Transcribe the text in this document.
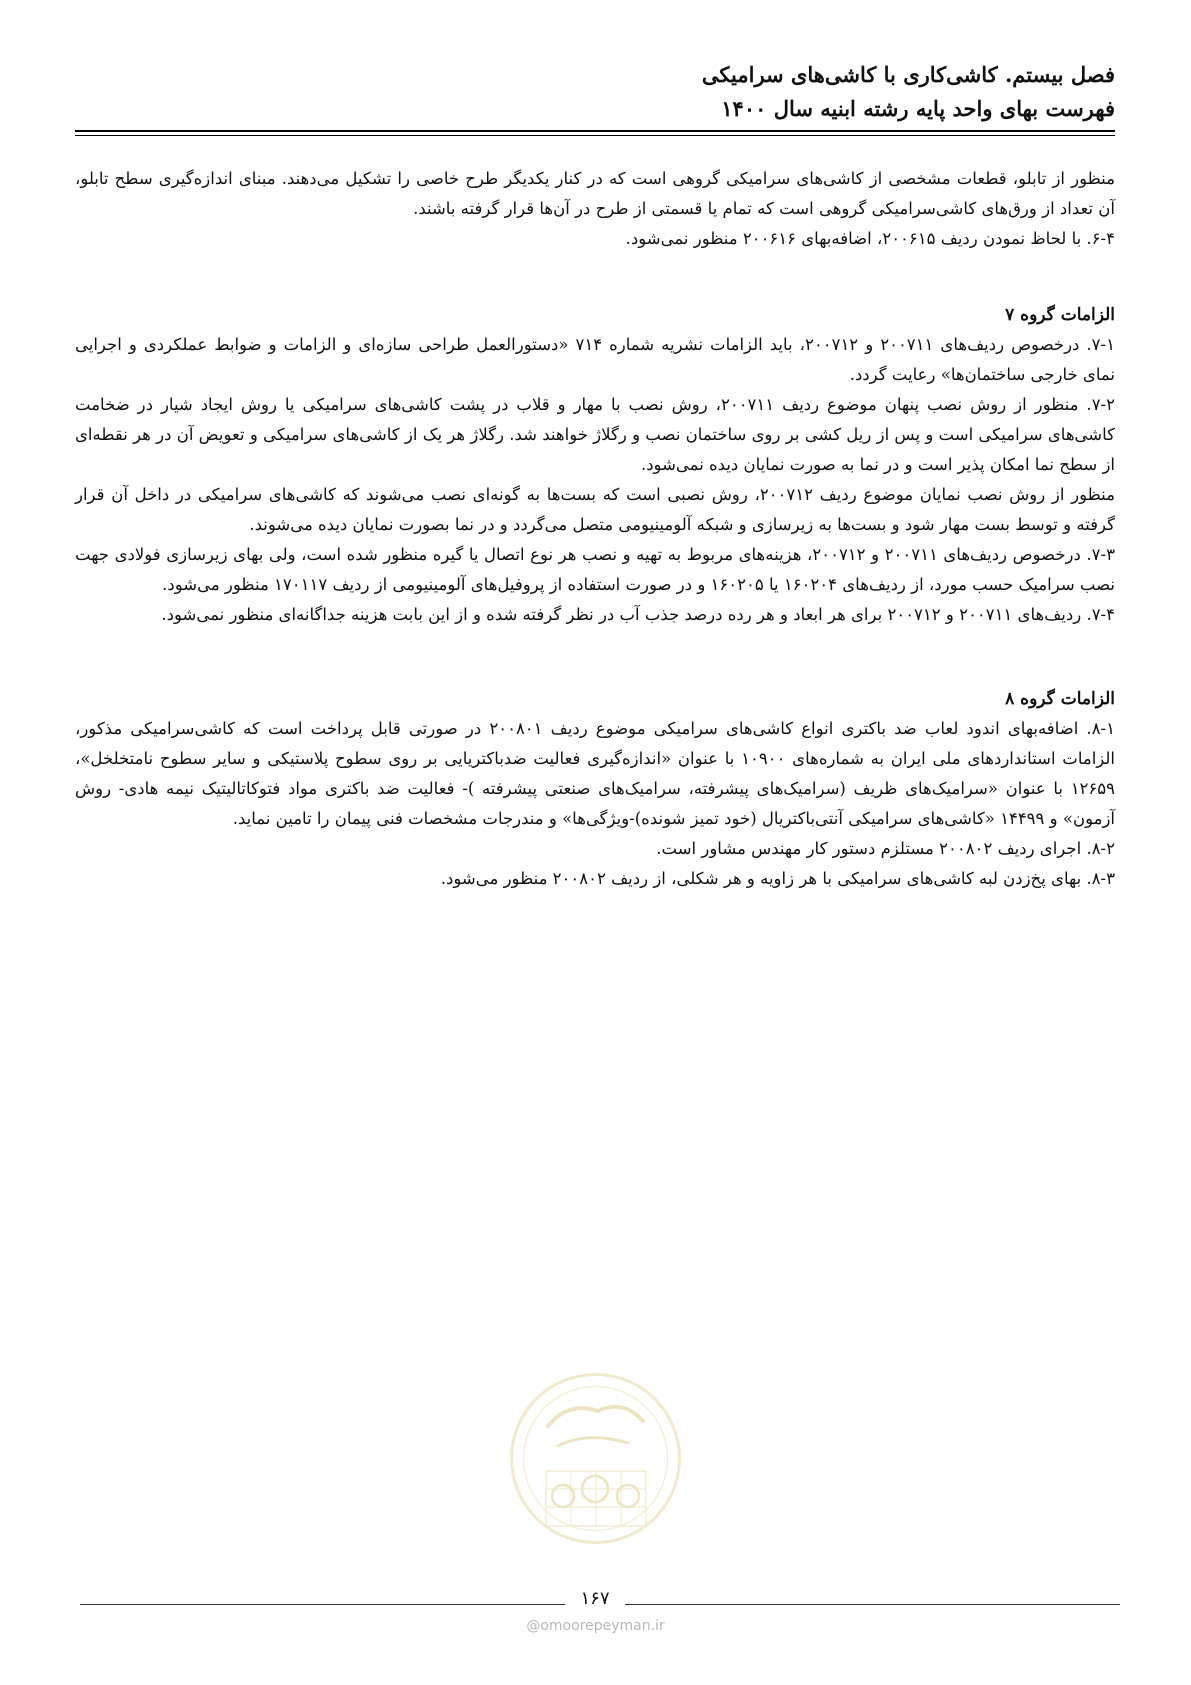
فصل بیستم. کاشی‌کاری با کاشی‌های سرامیکی
فهرست بهای واحد پایه رشته ابنیه سال ۱۴۰۰

منظور از تابلو، قطعات مشخصی از کاشی‌های سرامیکی گروهی است که در کنار یکدیگر طرح خاصی را تشکیل می‌دهند. مبنای اندازه‌گیری سطح تابلو، آن تعداد از ورق‌های کاشی‌سرامیکی گروهی است که تمام یا قسمتی از طرح در آن‌ها قرار گرفته باشند.

۶-۴. با لحاظ نمودن ردیف ۲۰۰۶۱۵، اضافه‌بهای ۲۰۰۶۱۶ منظور نمی‌شود.

الزامات گروه ۷

۷-۱. درخصوص ردیف‌های ۲۰۰۷۱۱ و ۲۰۰۷۱۲، باید الزامات نشریه شماره ۷۱۴ «دستورالعمل طراحی سازه‌ای و الزامات و ضوابط عملکردی و اجرایی نمای خارجی ساختمان‌ها» رعایت گردد.

۷-۲. منظور از روش نصب پنهان موضوع ردیف ۲۰۰۷۱۱، روش نصب با مهار و قلاب در پشت کاشی‌های سرامیکی یا روش ایجاد شیار در ضخامت کاشی‌های سرامیکی است و پس از ریل کشی بر روی ساختمان نصب و رگلاژ خواهند شد. رگلاژ هر یک از کاشی‌های سرامیکی و تعویض آن در هر نقطه‌ای از سطح نما امکان پذیر است و در نما به صورت نمایان دیده نمی‌شود.

منظور از روش نصب نمایان موضوع ردیف ۲۰۰۷۱۲، روش نصبی است که بست‌ها به گونه‌ای نصب می‌شوند که کاشی‌های سرامیکی در داخل آن قرار گرفته و توسط بست مهار شود و بست‌ها به زیرسازی و شبکه آلومینیومی متصل می‌گردد و در نما بصورت نمایان دیده می‌شوند.

۷-۳. درخصوص ردیف‌های ۲۰۰۷۱۱ و ۲۰۰۷۱۲، هزینه‌های مربوط به تهیه و نصب هر نوع اتصال یا گیره منظور شده است، ولی بهای زیرسازی فولادی جهت نصب سرامیک حسب مورد، از ردیف‌های ۱۶۰۲۰۴ یا ۱۶۰۲۰۵ و در صورت استفاده از پروفیل‌های آلومینیومی از ردیف ۱۷۰۱۱۷ منظور می‌شود.

۷-۴. ردیف‌های ۲۰۰۷۱۱ و ۲۰۰۷۱۲ برای هر ابعاد و هر رده درصد جذب آب در نظر گرفته شده و از این بابت هزینه جداگانه‌ای منظور نمی‌شود.

الزامات گروه ۸

۸-۱. اضافه‌بهای اندود لعاب ضد باکتری انواع کاشی‌های سرامیکی موضوع ردیف ۲۰۰۸۰۱ در صورتی قابل پرداخت است که کاشی‌سرامیکی مذکور، الزامات استانداردهای ملی ایران به شماره‌های ۱۰۹۰۰ با عنوان «اندازه‌گیری فعالیت ضدباکتریایی بر روی سطوح پلاستیکی و سایر سطوح نامتخلخل»، ۱۲۶۵۹ با عنوان «سرامیک‌های ظریف (سرامیک‌های پیشرفته، سرامیک‌های صنعتی پیشرفته )- فعالیت ضد باکتری مواد فتوکاتالیتیک نیمه هادی- روش آزمون» و ۱۴۴۹۹ «کاشی‌های سرامیکی آنتی‌باکتریال (خود تمیز شونده)-ویژگی‌ها» و مندرجات مشخصات فنی پیمان را تامین نماید.

۸-۲. اجرای ردیف ۲۰۰۸۰۲ مستلزم دستور کار مهندس مشاور است.

۸-۳. بهای پخ‌زدن لبه کاشی‌های سرامیکی با هر زاویه و هر شکلی، از ردیف ۲۰۰۸۰۲ منظور می‌شود.

۱۶۷
@omoorepeyman.ir
